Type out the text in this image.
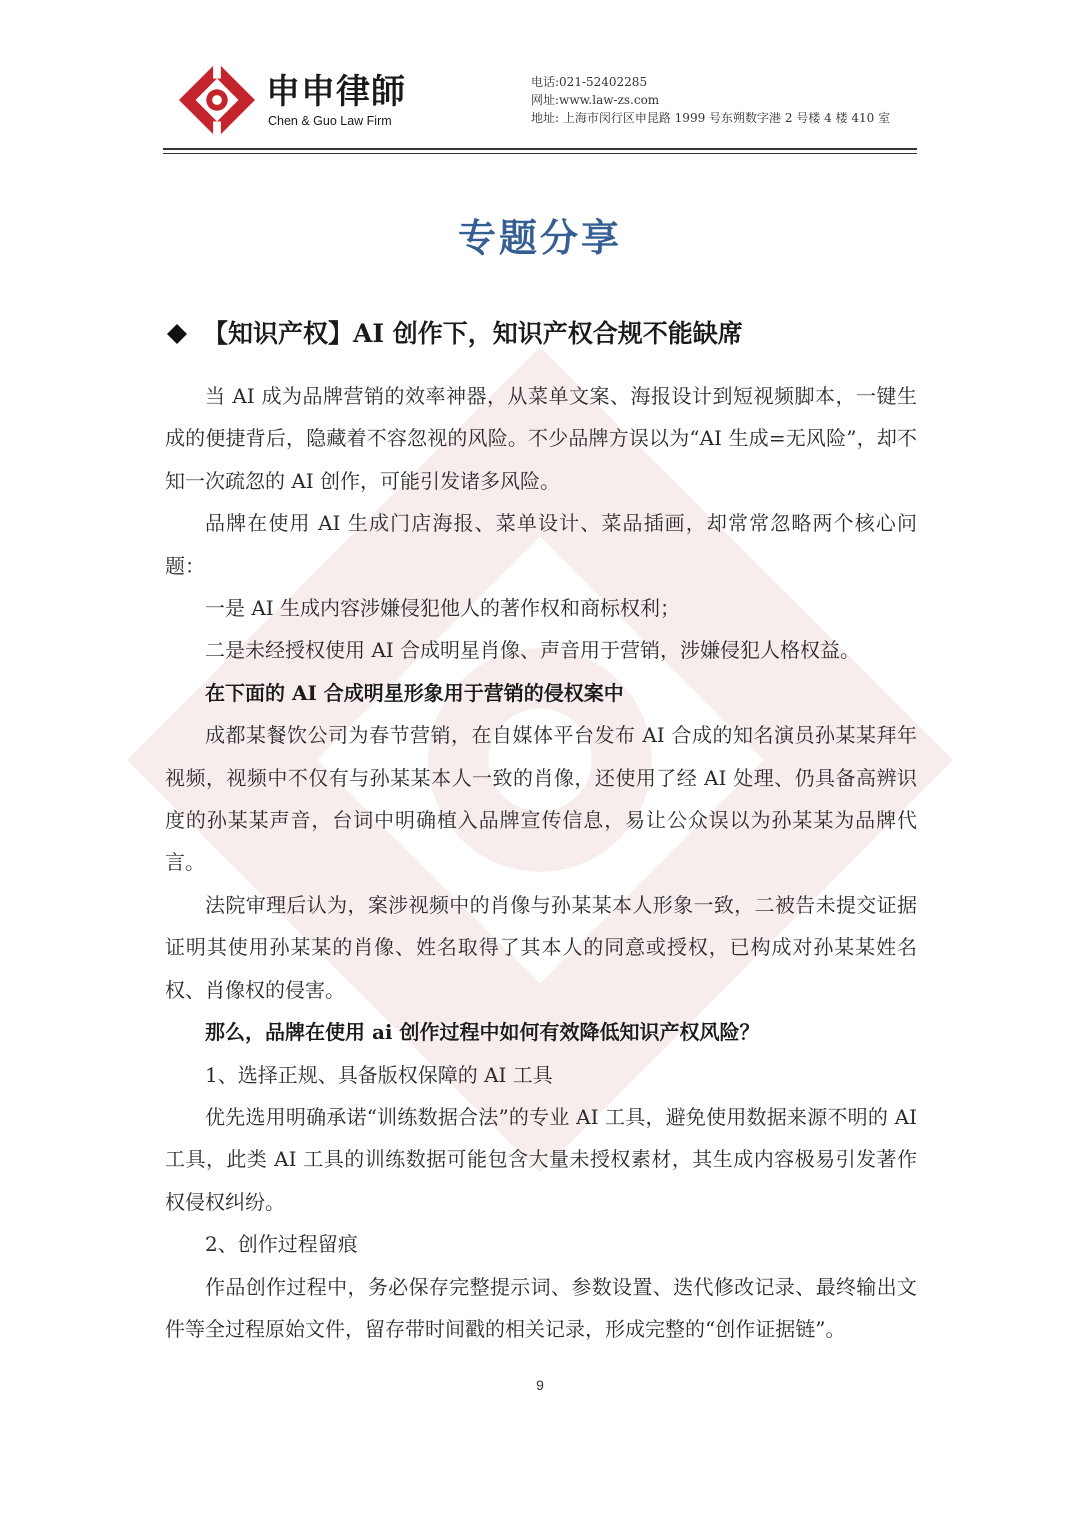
申申律師
Chen & Guo Law Firm
电话:021-52402285
网址:www.law-zs.com
地址: 上海市闵行区申昆路 1999 号东朔数字港 2 号楼 4 楼 410 室
专题分享
【知识产权】AI 创作下，知识产权合规不能缺席

当 AI 成为品牌营销的效率神器，从菜单文案、海报设计到短视频脚本，一键生成的便捷背后，隐藏着不容忽视的风险。不少品牌方误以为“AI 生成=无风险”，却不知一次疏忽的 AI 创作，可能引发诸多风险。

品牌在使用 AI 生成门店海报、菜单设计、菜品插画，却常常忽略两个核心问题：

一是 AI 生成内容涉嫌侵犯他人的著作权和商标权利；

二是未经授权使用 AI 合成明星肖像、声音用于营销，涉嫌侵犯人格权益。

在下面的 AI 合成明星形象用于营销的侵权案中

成都某餐饮公司为春节营销，在自媒体平台发布 AI 合成的知名演员孙某某拜年视频，视频中不仅有与孙某某本人一致的肖像，还使用了经 AI 处理、仍具备高辨识度的孙某某声音，台词中明确植入品牌宣传信息，易让公众误以为孙某某为品牌代言。

法院审理后认为，案涉视频中的肖像与孙某某本人形象一致，二被告未提交证据证明其使用孙某某的肖像、姓名取得了其本人的同意或授权，已构成对孙某某姓名权、肖像权的侵害。

那么，品牌在使用 ai 创作过程中如何有效降低知识产权风险？

1、选择正规、具备版权保障的 AI 工具

优先选用明确承诺“训练数据合法”的专业 AI 工具，避免使用数据来源不明的 AI 工具，此类 AI 工具的训练数据可能包含大量未授权素材，其生成内容极易引发著作权侵权纠纷。

2、创作过程留痕

作品创作过程中，务必保存完整提示词、参数设置、迭代修改记录、最终输出文件等全过程原始文件，留存带时间戳的相关记录，形成完整的“创作证据链”。

9
